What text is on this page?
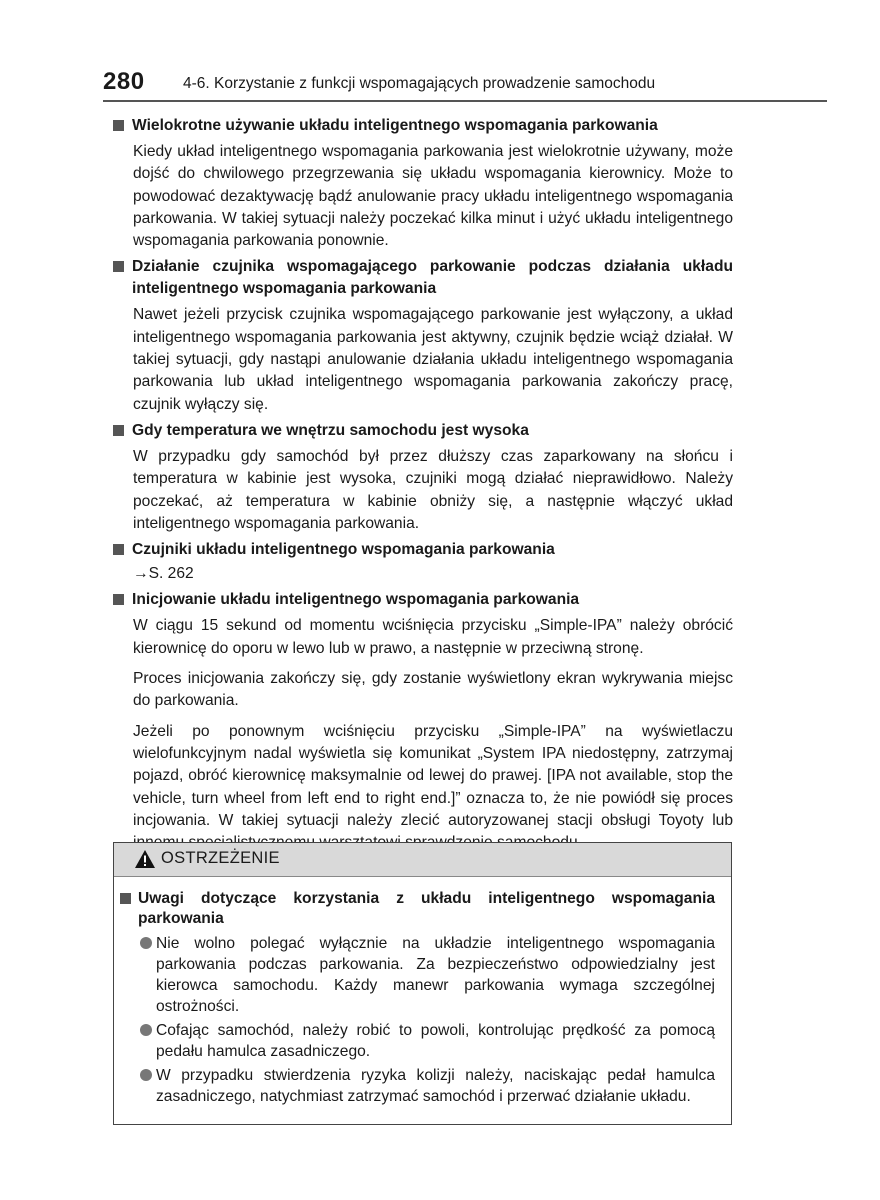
280 4-6. Korzystanie z funkcji wspomagających prowadzenie samochodu
Wielokrotne używanie układu inteligentnego wspomagania parkowania
Kiedy układ inteligentnego wspomagania parkowania jest wielokrotnie używany, może dojść do chwilowego przegrzewania się układu wspomagania kierownicy. Może to powodować dezaktywację bądź anulowanie pracy układu inteligentnego wspomagania parkowania. W takiej sytuacji należy poczekać kilka minut i użyć układu inteligentnego wspomagania parkowania ponownie.
Działanie czujnika wspomagającego parkowanie podczas działania układu inteligentnego wspomagania parkowania
Nawet jeżeli przycisk czujnika wspomagającego parkowanie jest wyłączony, a układ inteligentnego wspomagania parkowania jest aktywny, czujnik będzie wciąż działał. W takiej sytuacji, gdy nastąpi anulowanie działania układu inteligentnego wspomagania parkowania lub układ inteligentnego wspomagania parkowania zakończy pracę, czujnik wyłączy się.
Gdy temperatura we wnętrzu samochodu jest wysoka
W przypadku gdy samochód był przez dłuższy czas zaparkowany na słońcu i temperatura w kabinie jest wysoka, czujniki mogą działać nieprawidłowo. Należy poczekać, aż temperatura w kabinie obniży się, a następnie włączyć układ inteligentnego wspomagania parkowania.
Czujniki układu inteligentnego wspomagania parkowania
→S. 262
Inicjowanie układu inteligentnego wspomagania parkowania
W ciągu 15 sekund od momentu wciśnięcia przycisku „Simple-IPA” należy obrócić kierownicę do oporu w lewo lub w prawo, a następnie w przeciwną stronę.
Proces inicjowania zakończy się, gdy zostanie wyświetlony ekran wykrywania miejsc do parkowania.
Jeżeli po ponownym wciśnięciu przycisku „Simple-IPA” na wyświetlaczu wielofunkcyjnym nadal wyświetla się komunikat „System IPA niedostępny, zatrzymaj pojazd, obróć kierownicę maksymalnie od lewej do prawej. [IPA not available, stop the vehicle, turn wheel from left end to right end.]” oznacza to, że nie powiódł się proces incjowania. W takiej sytuacji należy zlecić autoryzowanej stacji obsługi Toyoty lub
OSTRZEŻENIE
Uwagi dotyczące korzystania z układu inteligentnego wspomagania parkowania
Nie wolno polegać wyłącznie na układzie inteligentnego wspomagania parkowania podczas parkowania. Za bezpieczeństwo odpowiedzialny jest kierowca samochodu. Każdy manewr parkowania wymaga szczególnej ostrożności.
Cofając samochód, należy robić to powoli, kontrolując prędkość za pomocą pedału hamulca zasadniczego.
W przypadku stwierdzenia ryzyka kolizji należy, naciskając pedał hamulca zasadniczego, natychmiast zatrzymać samochód i przerwać działanie układu.
